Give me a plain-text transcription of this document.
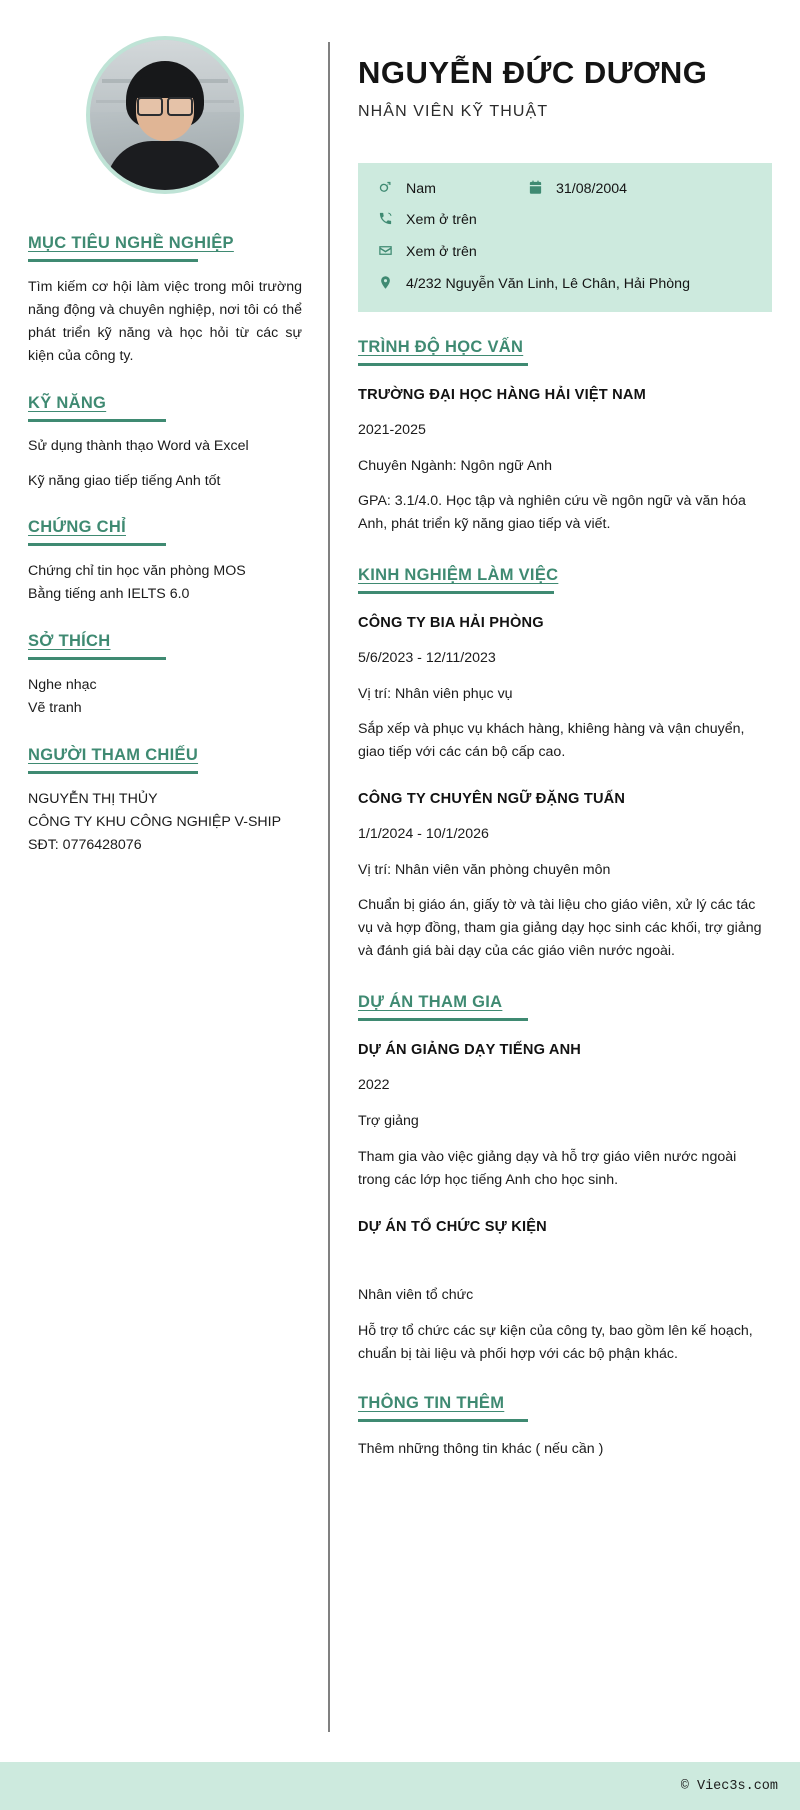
MỤC TIÊU NGHỀ NGHIỆP
Tìm kiếm cơ hội làm việc trong môi trường năng động và chuyên nghiệp, nơi tôi có thể phát triển kỹ năng và học hỏi từ các sự kiện của công ty.
KỸ NĂNG
Sử dụng thành thạo Word và Excel
Kỹ năng giao tiếp tiếng Anh tốt
CHỨNG CHỈ
Chứng chỉ tin học văn phòng MOS
Bằng tiếng anh IELTS 6.0
SỞ THÍCH
Nghe nhạc
Vẽ tranh
NGƯỜI THAM CHIẾU
NGUYỄN THỊ THỦY
CÔNG TY KHU CÔNG NGHIỆP V-SHIP
SĐT: 0776428076
NGUYỄN ĐỨC DƯƠNG
NHÂN VIÊN KỸ THUẬT
Nam	31/08/2004
Xem ở trên
Xem ở trên
4/232 Nguyễn Văn Linh, Lê Chân, Hải Phòng
TRÌNH ĐỘ HỌC VẤN
TRƯỜNG ĐẠI HỌC HÀNG HẢI VIỆT NAM
2021-2025
Chuyên Ngành: Ngôn ngữ Anh
GPA: 3.1/4.0. Học tập và nghiên cứu về ngôn ngữ và văn hóa Anh, phát triển kỹ năng giao tiếp và viết.
KINH NGHIỆM LÀM VIỆC
CÔNG TY BIA HẢI PHÒNG
5/6/2023 - 12/11/2023
Vị trí: Nhân viên phục vụ
Sắp xếp và phục vụ khách hàng, khiêng hàng và vận chuyển, giao tiếp với các cán bộ cấp cao.
CÔNG TY CHUYÊN NGỮ ĐẶNG TUẤN
1/1/2024 - 10/1/2026
Vị trí: Nhân viên văn phòng chuyên môn
Chuẩn bị giáo án, giấy tờ và tài liệu cho giáo viên, xử lý các tác vụ và hợp đồng, tham gia giảng dạy học sinh các khối, trợ giảng và đánh giá bài dạy của các giáo viên nước ngoài.
DỰ ÁN THAM GIA
DỰ ÁN GIẢNG DẠY TIẾNG ANH
2022
Trợ giảng
Tham gia vào việc giảng dạy và hỗ trợ giáo viên nước ngoài trong các lớp học tiếng Anh cho học sinh.
DỰ ÁN TỔ CHỨC SỰ KIỆN
Nhân viên tổ chức
Hỗ trợ tổ chức các sự kiện của công ty, bao gồm lên kế hoạch, chuẩn bị tài liệu và phối hợp với các bộ phận khác.
THÔNG TIN THÊM
Thêm những thông tin khác ( nếu cần )
© Viec3s.com
